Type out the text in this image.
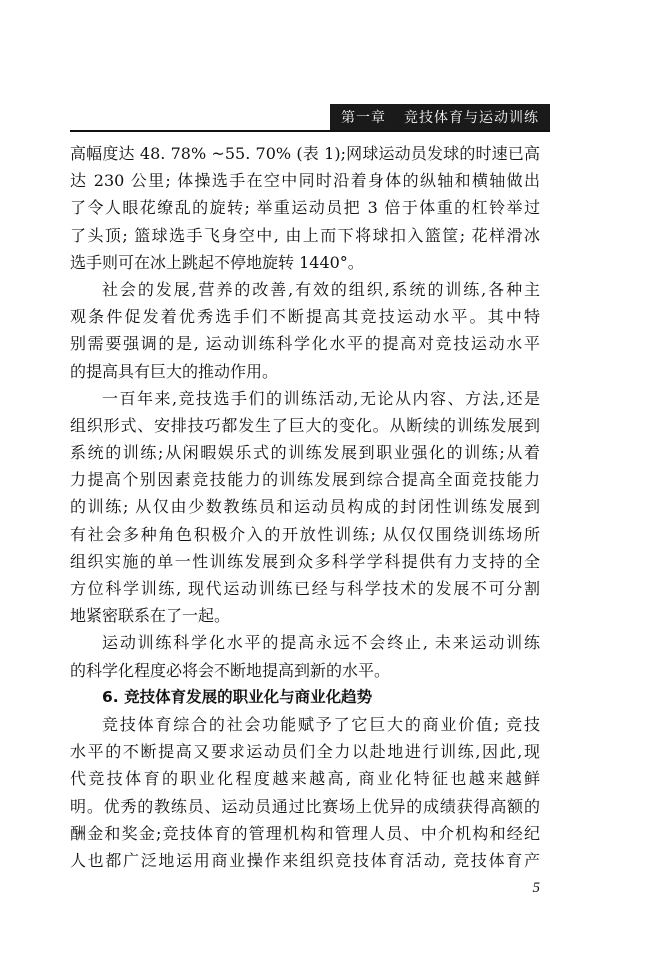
第一章 竞技体育与运动训练
高幅度达 48. 78% ~55. 70% (表 1);网球运动员发球的时速已高
达 230 公里; 体操选手在空中同时沿着身体的纵轴和横轴做出
了令人眼花缭乱的旋转; 举重运动员把 3 倍于体重的杠铃举过
了头顶; 篮球选手飞身空中, 由上而下将球扣入篮筐; 花样滑冰
选手则可在冰上跳起不停地旋转 1440°。
社会的发展,营养的改善,有效的组织,系统的训练,各种主
观条件促发着优秀选手们不断提高其竞技运动水平。其中特
别需要强调的是, 运动训练科学化水平的提高对竞技运动水平
的提高具有巨大的推动作用。
一百年来,竞技选手们的训练活动,无论从内容、方法,还是
组织形式、安排技巧都发生了巨大的变化。从断续的训练发展到
系统的训练;从闲暇娱乐式的训练发展到职业强化的训练;从着
力提高个别因素竞技能力的训练发展到综合提高全面竞技能力
的训练; 从仅由少数教练员和运动员构成的封闭性训练发展到
有社会多种角色积极介入的开放性训练; 从仅仅围绕训练场所
组织实施的单一性训练发展到众多科学学科提供有力支持的全
方位科学训练, 现代运动训练已经与科学技术的发展不可分割
地紧密联系在了一起。
运动训练科学化水平的提高永远不会终止, 未来运动训练
的科学化程度必将会不断地提高到新的水平。
6. 竞技体育发展的职业化与商业化趋势
竞技体育综合的社会功能赋予了它巨大的商业价值; 竞技
水平的不断提高又要求运动员们全力以赴地进行训练,因此,现
代竞技体育的职业化程度越来越高, 商业化特征也越来越鲜
明。优秀的教练员、运动员通过比赛场上优异的成绩获得高额的
酬金和奖金;竞技体育的管理机构和管理人员、中介机构和经纪
人也都广泛地运用商业操作来组织竞技体育活动, 竞技体育产
5
